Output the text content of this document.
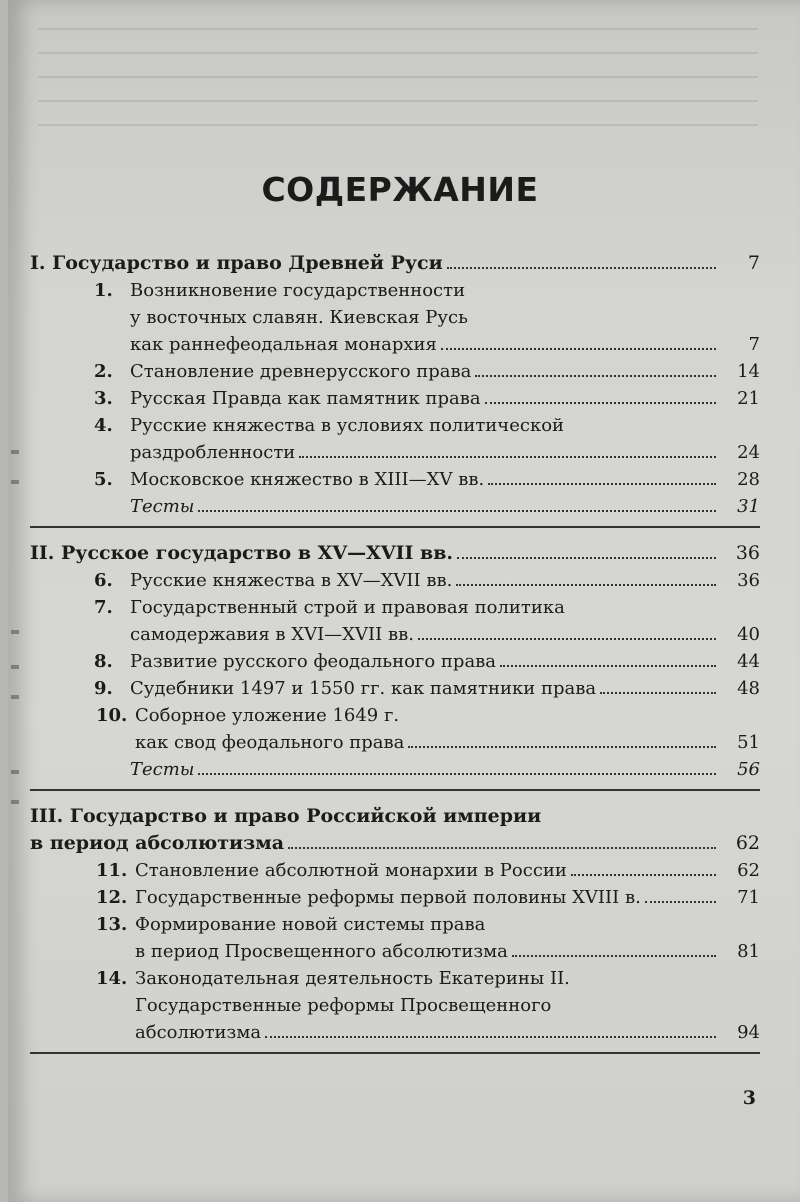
СОДЕРЖАНИЕ
I. Государство и право Древней Руси	7
1. Возникновение государственности
у восточных славян. Киевская Русь
как раннефеодальная монархия	7
2. Становление древнерусского права	14
3. Русская Правда как памятник права	21
4. Русские княжества в условиях политической
раздробленности	24
5. Московское княжество в XIII—XV вв.	28
Тесты	31
II. Русское государство в XV—XVII вв.	36
6. Русские княжества в XV—XVII вв.	36
7. Государственный строй и правовая политика
самодержавия в XVI—XVII вв.	40
8. Развитие русского феодального права	44
9. Судебники 1497 и 1550 гг. как памятники права	48
10. Соборное уложение 1649 г.
как свод феодального права	51
Тесты	56
III. Государство и право Российской империи
в период абсолютизма	62
11. Становление абсолютной монархии в России	62
12. Государственные реформы первой половины XVIII в.	71
13. Формирование новой системы права
в период Просвещенного абсолютизма	81
14. Законодательная деятельность Екатерины II.
Государственные реформы Просвещенного
абсолютизма	94
3
